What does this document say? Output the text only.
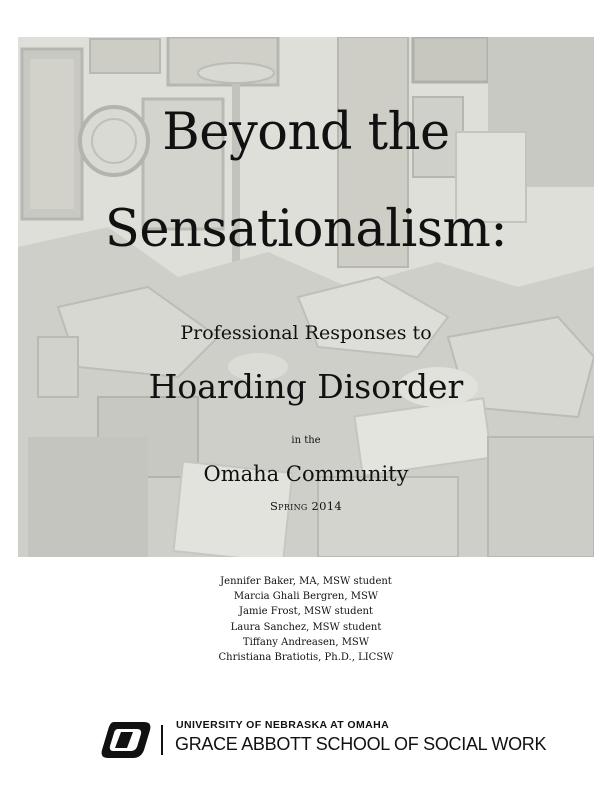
Beyond the
Sensationalism:
Professional Responses to
Hoarding Disorder
in the
Omaha Community
Spring 2014
Jennifer Baker, MA, MSW student
Marcia Ghali Bergren, MSW
Jamie Frost, MSW student
Laura Sanchez, MSW student
Tiffany Andreasen, MSW
Christiana Bratiotis, Ph.D., LICSW
UNIVERSITY OF NEBRASKA AT OMAHA
GRACE ABBOTT SCHOOL OF SOCIAL WORK
